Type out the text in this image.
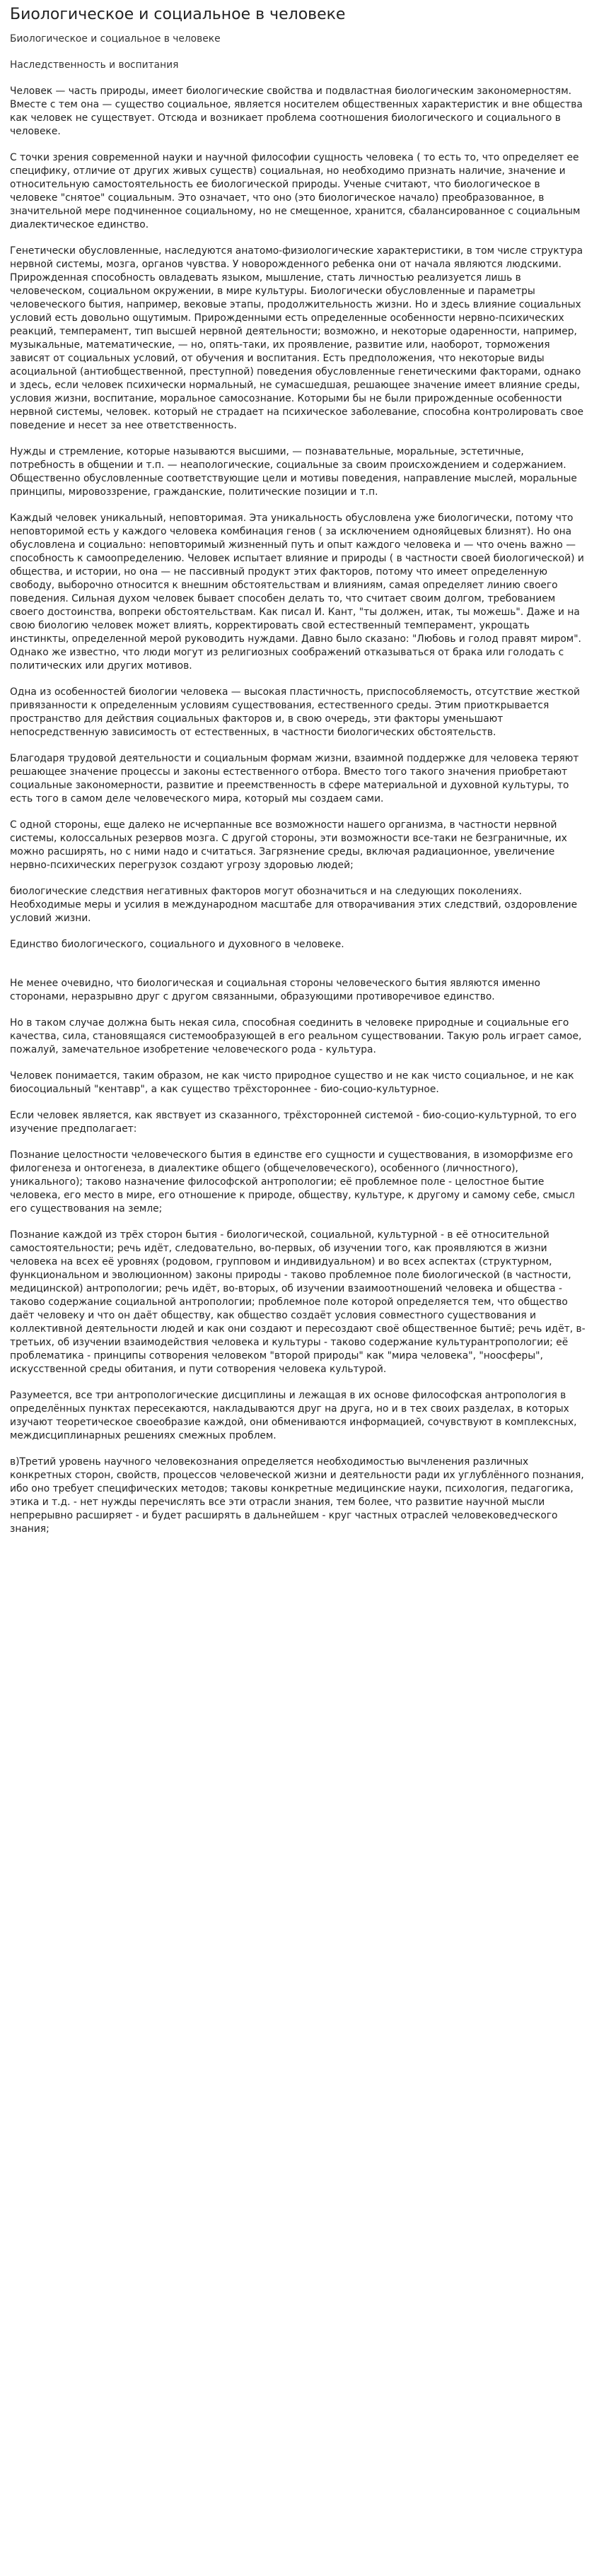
Биологическое и социальное в человеке
Биологическое и социальное в человеке
Наследственность и воспитания

Человек — часть природы, имеет биологические свойства и подвластная биологическим закономерностям. Вместе с тем она — существо социальное, является носителем общественных характеристик и вне общества как человек не существует. Отсюда и возникает проблема соотношения биологического и социального в человеке.

С точки зрения современной науки и научной философии сущность человека ( то есть то, что определяет ее специфику, отличие от других живых существ) социальная, но необходимо признать наличие, значение и относительную самостоятельность ее биологической природы. Ученые считают, что биологическое в человеке "снятое" социальным. Это означает, что оно (это биологическое начало) преобразованное, в значительной мере подчиненное социальному, но не смещенное, хранится, сбалансированное с социальным диалектическое единство.

Генетически обусловленные, наследуются анатомо-физиологические характеристики, в том числе структура нервной системы, мозга, органов чувства. У новорожденного ребенка они от начала являются людскими. Прирожденная способность овладевать языком, мышление, стать личностью реализуется лишь в человеческом, социальном окружении, в мире культуры. Биологически обусловленные и параметры человеческого бытия, например, вековые этапы, продолжительность жизни. Но и здесь влияние социальных условий есть довольно ощутимым. Прирожденными есть определенные особенности нервно-психических реакций, темперамент, тип высшей нервной деятельности; возможно, и некоторые одаренности, например, музыкальные, математические, — но, опять-таки, их проявление, развитие или, наоборот, торможения зависят от социальных условий, от обучения и воспитания. Есть предположения, что некоторые виды асоциальной (антиобщественной, преступной) поведения обусловленные генетическими факторами, однако и здесь, если человек психически нормальный, не сумасшедшая, решающее значение имеет влияние среды, условия жизни, воспитание, моральное самосознание. Которыми бы не были прирожденные особенности нервной системы, человек. который не страдает на психическое заболевание, способна контролировать свое поведение и несет за нее ответственность.

Нужды и стремление, которые называются высшими, — познавательные, моральные, эстетичные, потребность в общении и т.п. — неапологические, социальные за своим происхождением и содержанием. Общественно обусловленные соответствующие цели и мотивы поведения, направление мыслей, моральные принципы, мировоззрение, гражданские, политические позиции и т.п.

Каждый человек уникальный, неповторимая. Эта уникальность обусловлена уже биологически, потому что неповторимой есть у каждого человека комбинация генов ( за исключением однояйцевых близнят). Но она обусловлена и социально: неповторимый жизненный путь и опыт каждого человека и — что очень важно — способность к самоопределению. Человек испытает влияние и природы ( в частности своей биологической) и общества, и истории, но она — не пассивный продукт этих факторов, потому что имеет определенную свободу, выборочно относится к внешним обстоятельствам и влияниям, самая определяет линию своего поведения. Сильная духом человек бывает способен делать то, что считает своим долгом, требованием своего достоинства, вопреки обстоятельствам. Как писал И. Кант, "ты должен, итак, ты можешь". Даже и на свою биологию человек может влиять, корректировать свой естественный темперамент, укрощать инстинкты, определенной мерой руководить нуждами. Давно было сказано: "Любовь и голод правят миром". Однако же известно, что люди могут из религиозных соображений отказываться от брака или голодать с политических или других мотивов.

Одна из особенностей биологии человека — высокая пластичность, приспособляемость, отсутствие жесткой привязанности к определенным условиям существования, естественного среды. Этим приоткрывается пространство для действия социальных факторов и, в свою очередь, эти факторы уменьшают непосредственную зависимость от естественных, в частности биологических обстоятельств.

Благодаря трудовой деятельности и социальным формам жизни, взаимной поддержке для человека теряют решающее значение процессы и законы естественного отбора. Вместо того такого значения приобретают социальные закономерности, развитие и преемственность в сфере материальной и духовной культуры, то есть того в самом деле человеческого мира, который мы создаем сами.

С одной стороны, еще далеко не исчерпанные все возможности нашего организма, в частности нервной системы, колоссальных резервов мозга. С другой стороны, эти возможности все-таки не безграничные, их можно расширять, но с ними надо и считаться. Загрязнение среды, включая радиационное, увеличение нервно-психических перегрузок создают угрозу здоровью людей;

биологические следствия негативных факторов могут обозначиться и на следующих поколениях. Необходимые меры и усилия в международном масштабе для отворачивания этих следствий, оздоровление условий жизни.

Единство биологического, социального и духовного в человеке.

Не менее очевидно, что биологическая и социальная стороны человеческого бытия являются именно сторонами, неразрывно друг с другом связанными, образующими противоречивое единство.

Но в таком случае должна быть некая сила, способная соединить в человеке природные и социальные его качества, сила, становящаяся системообразующей в его реальном существовании. Такую роль играет самое, пожалуй, замечательное изобретение человеческого рода - культура.

Человек понимается, таким образом, не как чисто природное существо и не как чисто социальное, и не как биосоциальный "кентавр", а как существо трёхстороннее - био-социо-культурное.

Если человек является, как явствует из сказанного, трёхсторонней системой - био-социо-культурной, то его изучение предполагает:

Познание целостности человеческого бытия в единстве его сущности и существования, в изоморфизме его филогенеза и онтогенеза, в диалектике общего (общечеловеческого), особенного (личностного), уникального); таково назначение философской антропологии; её проблемное поле - целостное бытие человека, его место в мире, его отношение к природе, обществу, культуре, к другому и самому себе, смысл его существования на земле;

Познание каждой из трёх сторон бытия - биологической, социальной, культурной - в её относительной самостоятельности; речь идёт, следовательно, во-первых, об изучении того, как проявляются в жизни человека на всех её уровнях (родовом, групповом и индивидуальном) и во всех аспектах (структурном, функциональном и эволюционном) законы природы - таково проблемное поле биологической (в частности, медицинской) антропологии; речь идёт, во-вторых, об изучении взаимоотношений человека и общества - таково содержание социальной антропологии; проблемное поле которой определяется тем, что общество даёт человеку и что он даёт обществу, как общество создаёт условия совместного существования и коллективной деятельности людей и как они создают и пересоздают своё общественное бытиё; речь идёт, в-третьих, об изучении взаимодействия человека и культуры - таково содержание культурантропологии; её проблематика - принципы сотворения человеком "второй природы" как "мира человека", "ноосферы", искусственной среды обитания, и пути сотворения человека культурой.

Разумеется, все три антропологические дисциплины и лежащая в их основе философская антропология в определённых пунктах пересекаются, накладываются друг на друга, но и в тех своих разделах, в которых изучают теоретическое своеобразие каждой, они обмениваются информацией, сочувствуют в комплексных, междисциплинарных решениях смежных проблем.

в)Третий уровень научного человекознания определяется необходимостью вычленения различных конкретных сторон, свойств, процессов человеческой жизни и деятельности ради их углублённого познания, ибо оно требует специфических методов; таковы конкретные медицинские науки, психология, педагогика, этика и т.д. - нет нужды перечислять все эти отрасли знания, тем более, что развитие научной мысли непрерывно расширяет - и будет расширять в дальнейшем - круг частных отраслей человековедческого знания;
